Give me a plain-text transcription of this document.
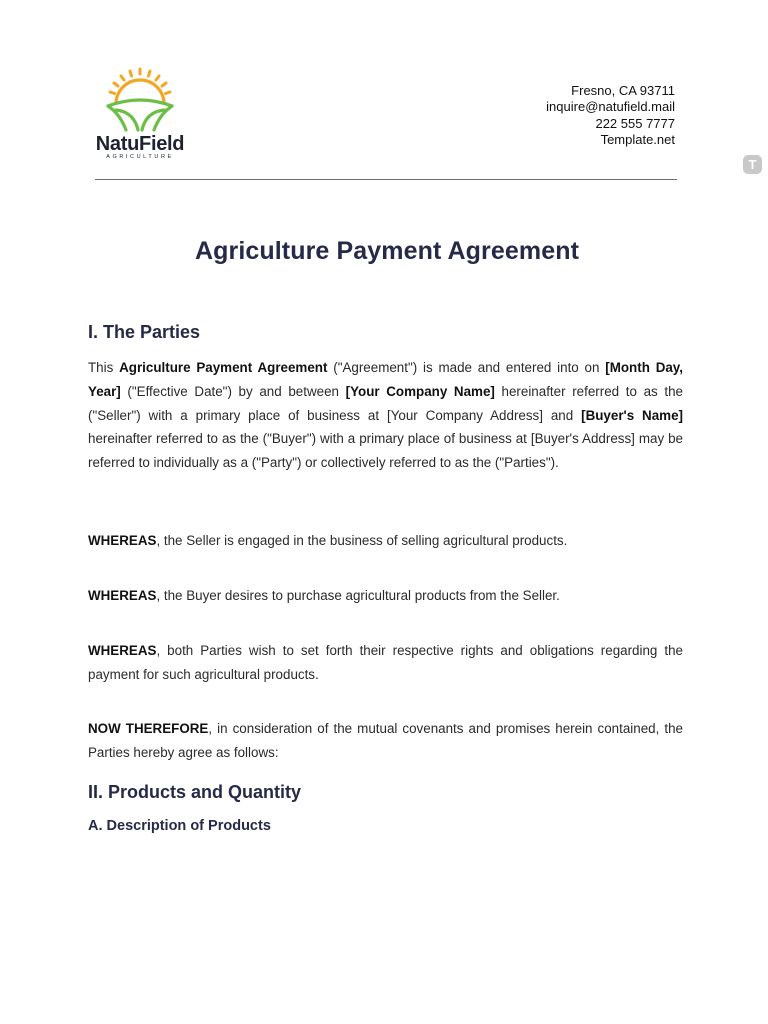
NatuField
AGRICULTURE
Fresno, CA 93711
inquire@natufield.mail
222 555 7777
Template.net
T
Agriculture Payment Agreement
I. The Parties

This Agriculture Payment Agreement ("Agreement") is made and entered into on [Month Day, Year] ("Effective Date") by and between [Your Company Name] hereinafter referred to as the ("Seller") with a primary place of business at [Your Company Address] and [Buyer's Name] hereinafter referred to as the ("Buyer") with a primary place of business at [Buyer's Address] may be referred to individually as a ("Party") or collectively referred to as the ("Parties").

WHEREAS, the Seller is engaged in the business of selling agricultural products.

WHEREAS, the Buyer desires to purchase agricultural products from the Seller.

WHEREAS, both Parties wish to set forth their respective rights and obligations regarding the payment for such agricultural products.

NOW THEREFORE, in consideration of the mutual covenants and promises herein contained, the Parties hereby agree as follows:

II. Products and Quantity
A. Description of Products
